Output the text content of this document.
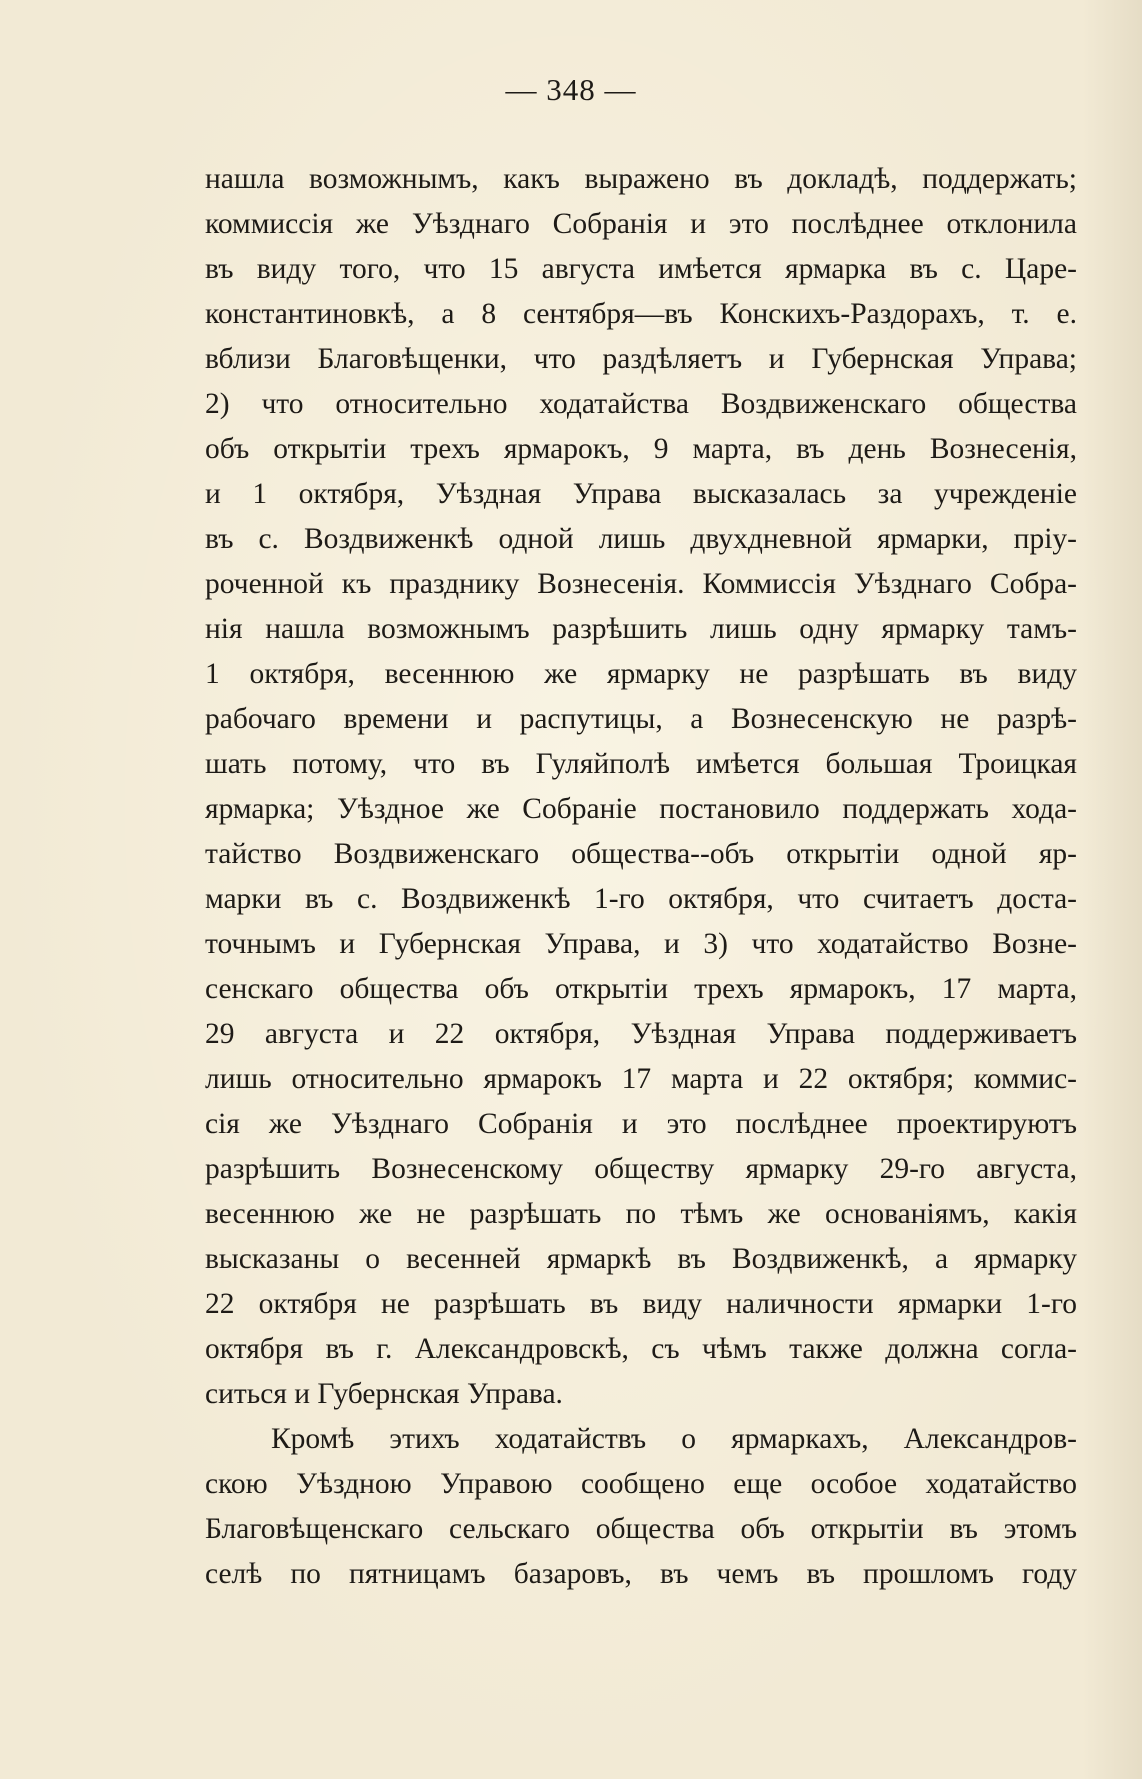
— 348 —
нашла возможнымъ, какъ выражено въ докладѣ, поддержать;
коммиссія же Уѣзднаго Собранія и это послѣднее отклонила
въ виду того, что 15 августа имѣется ярмарка въ с. Царе-
константиновкѣ, а 8 сентября—въ Конскихъ-Раздорахъ, т. е.
вблизи Благовѣщенки, что раздѣляетъ и Губернская Управа;
2) что относительно ходатайства Воздвиженскаго общества
объ открытіи трехъ ярмарокъ, 9 марта, въ день Вознесенія,
и 1 октября, Уѣздная Управа высказалась за учрежденіе
въ с. Воздвиженкѣ одной лишь двухдневной ярмарки, пріу-
роченной къ празднику Вознесенія. Коммиссія Уѣзднаго Собра-
нія нашла возможнымъ разрѣшить лишь одну ярмарку тамъ-
1 октября, весеннюю же ярмарку не разрѣшать въ виду
рабочаго времени и распутицы, а Вознесенскую не разрѣ-
шать потому, что въ Гуляйполѣ имѣется большая Троицкая
ярмарка; Уѣздное же Собраніе постановило поддержать хода-
тайство Воздвиженскаго общества--объ открытіи одной яр-
марки въ с. Воздвиженкѣ 1-го октября, что считаетъ доста-
точнымъ и Губернская Управа, и 3) что ходатайство Возне-
сенскаго общества объ открытіи трехъ ярмарокъ, 17 марта,
29 августа и 22 октября, Уѣздная Управа поддерживаетъ
лишь относительно ярмарокъ 17 марта и 22 октября; коммис-
сія же Уѣзднаго Собранія и это послѣднее проектируютъ
разрѣшить Вознесенскому обществу ярмарку 29-го августа,
весеннюю же не разрѣшать по тѣмъ же основаніямъ, какія
высказаны о весенней ярмаркѣ въ Воздвиженкѣ, а ярмарку
22 октября не разрѣшать въ виду наличности ярмарки 1-го
октября въ г. Александровскѣ, съ чѣмъ также должна согла-
ситься и Губернская Управа.
Кромѣ этихъ ходатайствъ о ярмаркахъ, Александров-
скою Уѣздною Управою сообщено еще особое ходатайство
Благовѣщенскаго сельскаго общества объ открытіи въ этомъ
селѣ по пятницамъ базаровъ, въ чемъ въ прошломъ году
